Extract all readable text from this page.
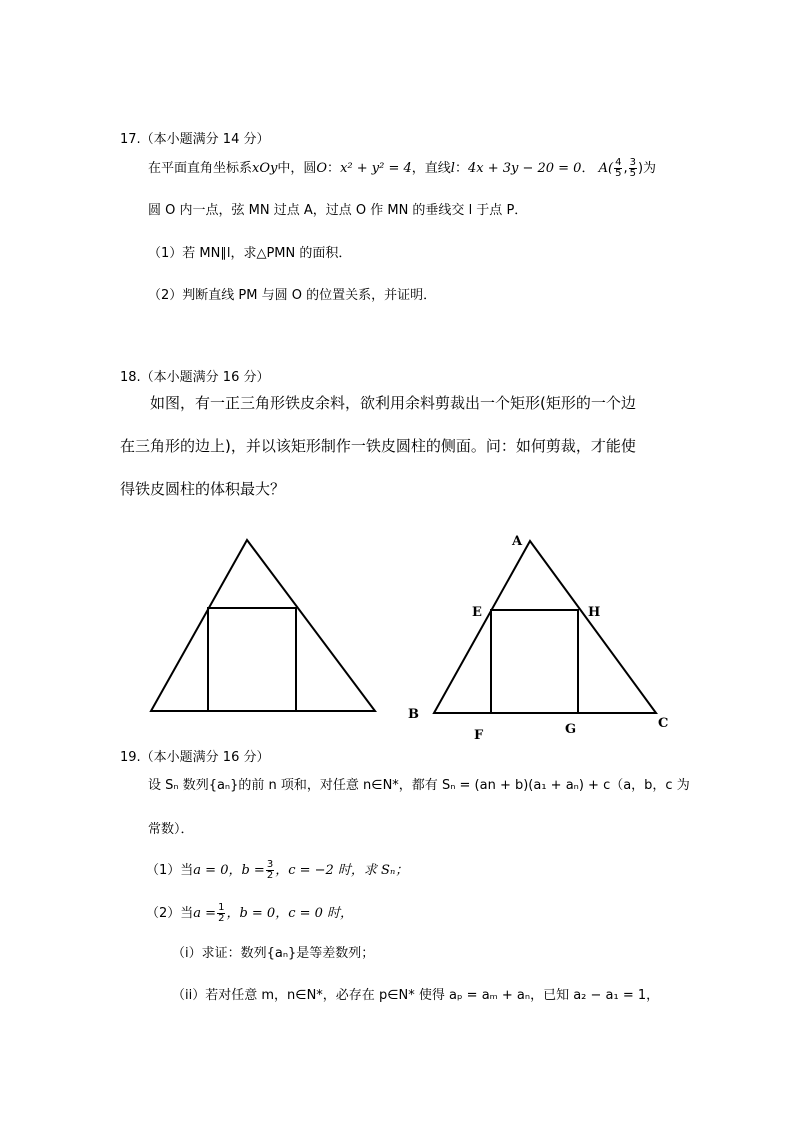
17.（本小题满分 14 分）
在平面直角坐标系xOy中，圆O：x² + y² = 4，直线l：4x + 3y − 20 = 0． $A( \frac{4}{5}$ , $\frac{3}{5}$ )为
圆 O 内一点，弦 MN 过点 A，过点 O 作 MN 的垂线交 l 于点 P．
（1）若 MN∥l，求△PMN 的面积．
（2）判断直线 PM 与圆 O 的位置关系，并证明．
18.（本小题满分 16 分）
如图，有一正三角形铁皮余料，欲利用余料剪裁出一个矩形(矩形的一个边
在三角形的边上)，并以该矩形制作一铁皮圆柱的侧面。问：如何剪裁，才能使
得铁皮圆柱的体积最大？
A
B
C
E
F	G
H
19.（本小题满分 16 分）
设 Sₙ 数列{aₙ}的前 n 项和，对任意 n∈N*，都有 Sₙ = (an + b)(a₁ + aₙ) + c（a，b，c 为
常数）．
（1）当a = 0，$b = \frac{3}{2}$ ，c = −2 时，求 Sₙ；
（2）当$a = \frac{1}{2}$ ，b = 0，c = 0 时，
（i）求证：数列{aₙ}是等差数列；
（ii）若对任意 m，n∈N*，必存在 p∈N* 使得 aₚ = aₘ + aₙ，已知 a₂ − a₁ = 1，
